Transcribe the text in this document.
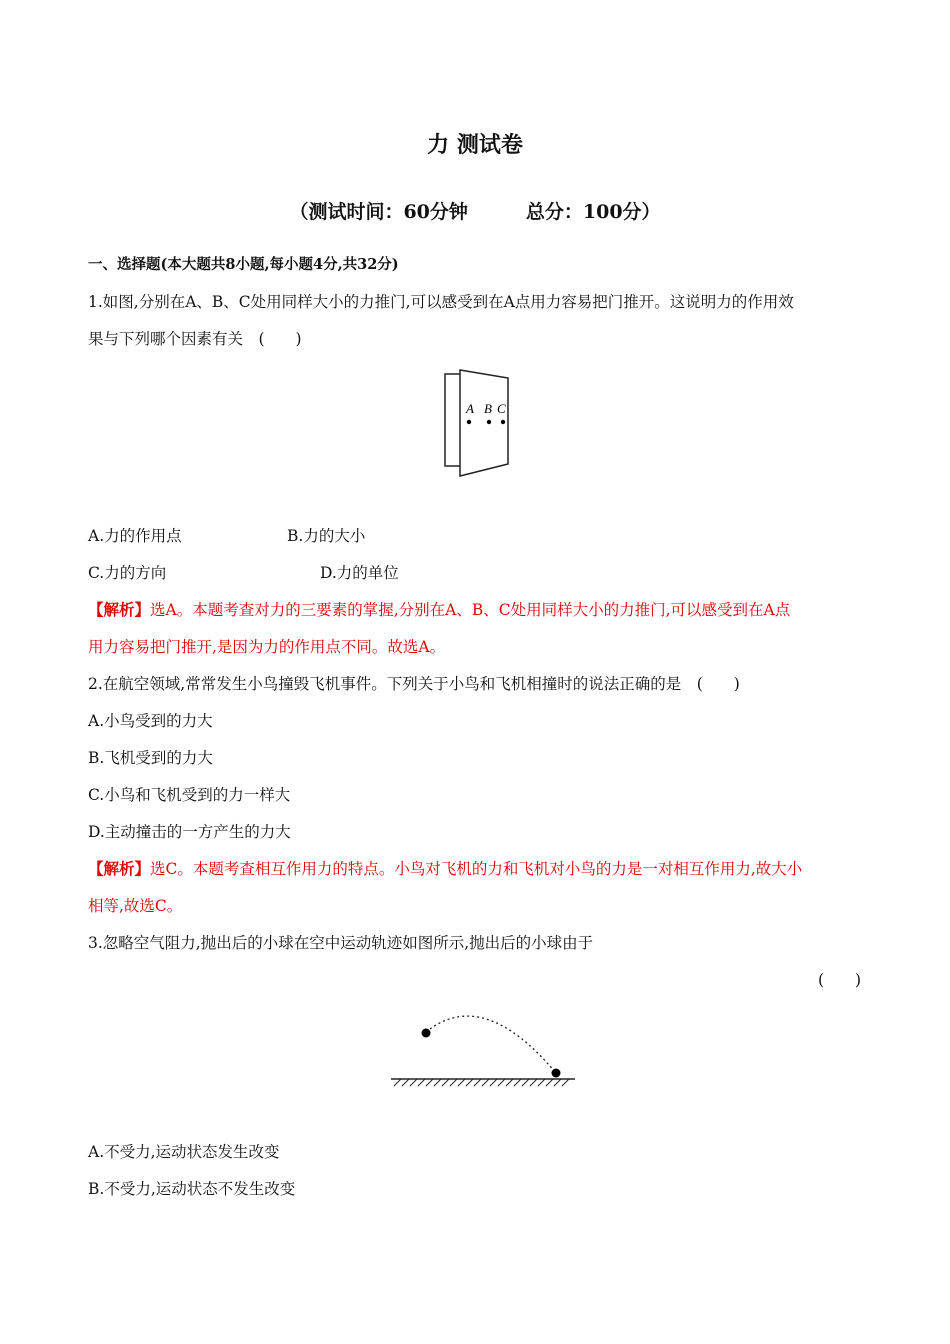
力 测试卷
（测试时间：60分钟	总分：100分）
一、选择题(本大题共8小题,每小题4分,共32分)
1.如图,分别在A、B、C处用同样大小的力推门,可以感受到在A点用力容易把门推开。这说明力的作用效
果与下列哪个因素有关　(　　)
A B C
A.力的作用点	B.力的大小
C.力的方向	D.力的单位
【解析】选A。本题考查对力的三要素的掌握,分别在A、B、C处用同样大小的力推门,可以感受到在A点
用力容易把门推开,是因为力的作用点不同。故选A。
2.在航空领域,常常发生小鸟撞毁飞机事件。下列关于小鸟和飞机相撞时的说法正确的是　(　　)
A.小鸟受到的力大
B.飞机受到的力大
C.小鸟和飞机受到的力一样大
D.主动撞击的一方产生的力大
【解析】选C。本题考查相互作用力的特点。小鸟对飞机的力和飞机对小鸟的力是一对相互作用力,故大小
相等,故选C。
3.忽略空气阻力,抛出后的小球在空中运动轨迹如图所示,抛出后的小球由于
(　　)
A.不受力,运动状态发生改变
B.不受力,运动状态不发生改变
